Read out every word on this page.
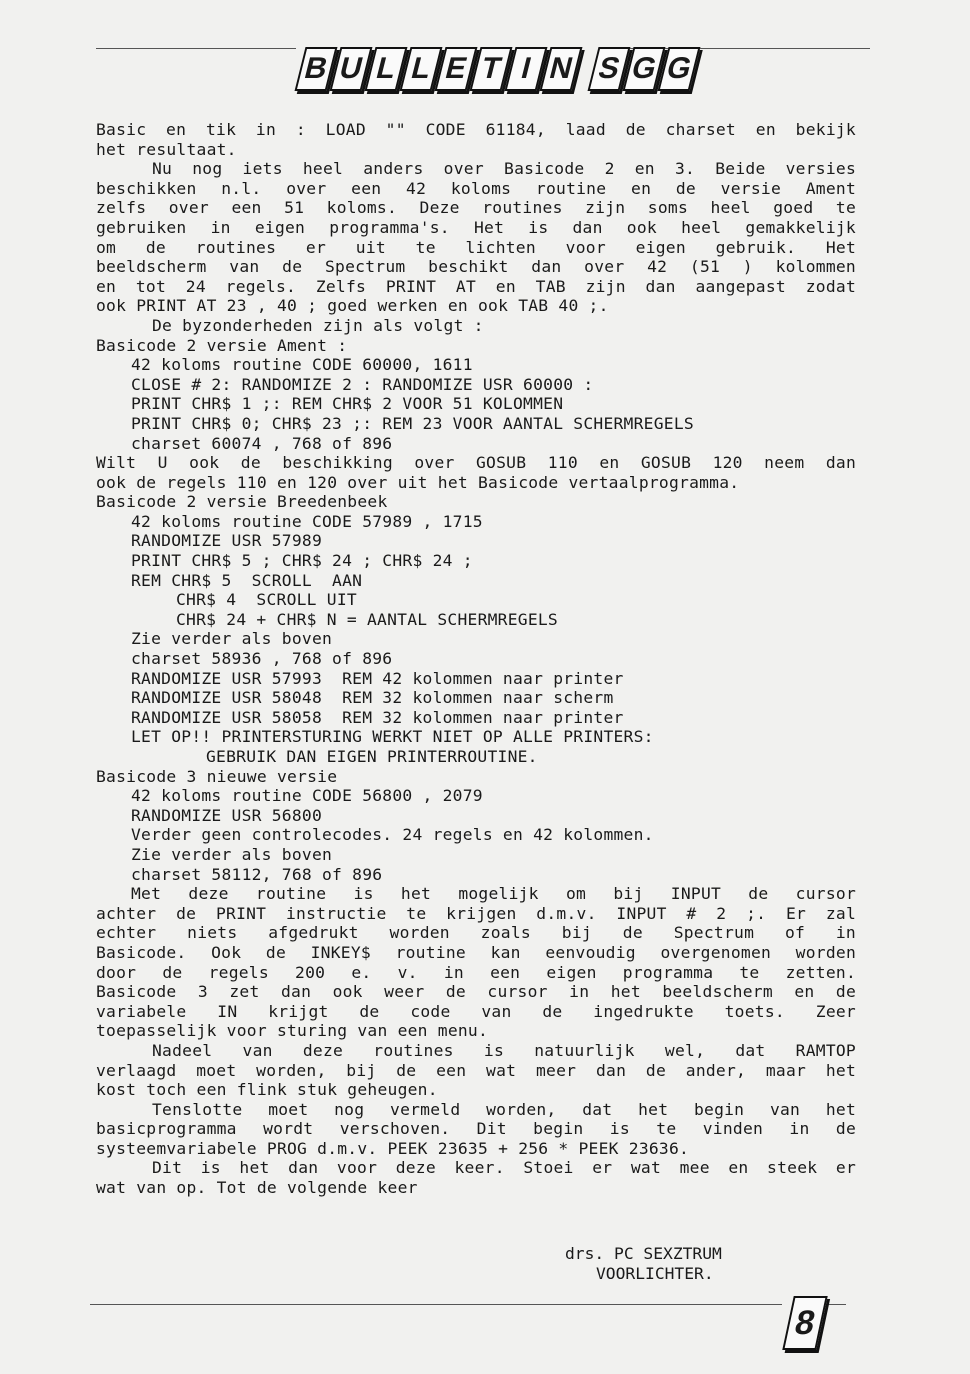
B U L L E T I N S G G
Basic en tik in : LOAD "" CODE 61184, laad de charset en bekijk
het resultaat.
Nu nog iets heel anders over Basicode 2 en 3. Beide versies
beschikken n.l. over een 42 koloms routine en de versie Ament
zelfs over een 51 koloms. Deze routines zijn soms heel goed te
gebruiken in eigen programma's. Het is dan ook heel gemakkelijk
om de routines er uit te lichten voor eigen gebruik. Het
beeldscherm van de Spectrum beschikt dan over 42 (51 ) kolommen
en tot 24 regels. Zelfs PRINT AT en TAB zijn dan aangepast zodat
ook PRINT AT 23 , 40 ; goed werken en ook TAB 40 ;.
De byzonderheden zijn als volgt :
Basicode 2 versie Ament :
42 koloms routine CODE 60000, 1611
CLOSE # 2: RANDOMIZE 2 : RANDOMIZE USR 60000 :
PRINT CHR$ 1 ;: REM CHR$ 2 VOOR 51 KOLOMMEN
PRINT CHR$ 0; CHR$ 23 ;: REM 23 VOOR AANTAL SCHERMREGELS
charset 60074 , 768 of 896
Wilt U ook de beschikking over GOSUB 110 en GOSUB 120 neem dan
ook de regels 110 en 120 over uit het Basicode vertaalprogramma.
Basicode 2 versie Breedenbeek
42 koloms routine CODE 57989 , 1715
RANDOMIZE USR 57989
PRINT CHR$ 5 ; CHR$ 24 ; CHR$ 24 ;
REM CHR$ 5  SCROLL  AAN
CHR$ 4  SCROLL UIT
CHR$ 24 + CHR$ N = AANTAL SCHERMREGELS
Zie verder als boven
charset 58936 , 768 of 896
RANDOMIZE USR 57993  REM 42 kolommen naar printer
RANDOMIZE USR 58048  REM 32 kolommen naar scherm
RANDOMIZE USR 58058  REM 32 kolommen naar printer
LET OP!! PRINTERSTURING WERKT NIET OP ALLE PRINTERS:
GEBRUIK DAN EIGEN PRINTERROUTINE.
Basicode 3 nieuwe versie
42 koloms routine CODE 56800 , 2079
RANDOMIZE USR 56800
Verder geen controlecodes. 24 regels en 42 kolommen.
Zie verder als boven
charset 58112, 768 of 896
Met deze routine is het mogelijk om bij INPUT de cursor
achter de PRINT instructie te krijgen d.m.v. INPUT # 2 ;. Er zal
echter niets afgedrukt worden zoals bij de Spectrum of in
Basicode. Ook de INKEY$ routine kan eenvoudig overgenomen worden
door de regels 200 e. v. in een eigen programma te zetten.
Basicode 3 zet dan ook weer de cursor in het beeldscherm en de
variabele IN krijgt de code van de ingedrukte toets. Zeer
toepasselijk voor sturing van een menu.
Nadeel van deze routines is natuurlijk wel, dat RAMTOP
verlaagd moet worden, bij de een wat meer dan de ander, maar het
kost toch een flink stuk geheugen.
Tenslotte moet nog vermeld worden, dat het begin van het
basicprogramma wordt verschoven. Dit begin is te vinden in de
systeemvariabele PROG d.m.v. PEEK 23635 + 256 * PEEK 23636.
Dit is het dan voor deze keer. Stoei er wat mee en steek er
wat van op. Tot de volgende keer
drs. PC SEXZTRUM
VOORLICHTER.
8
